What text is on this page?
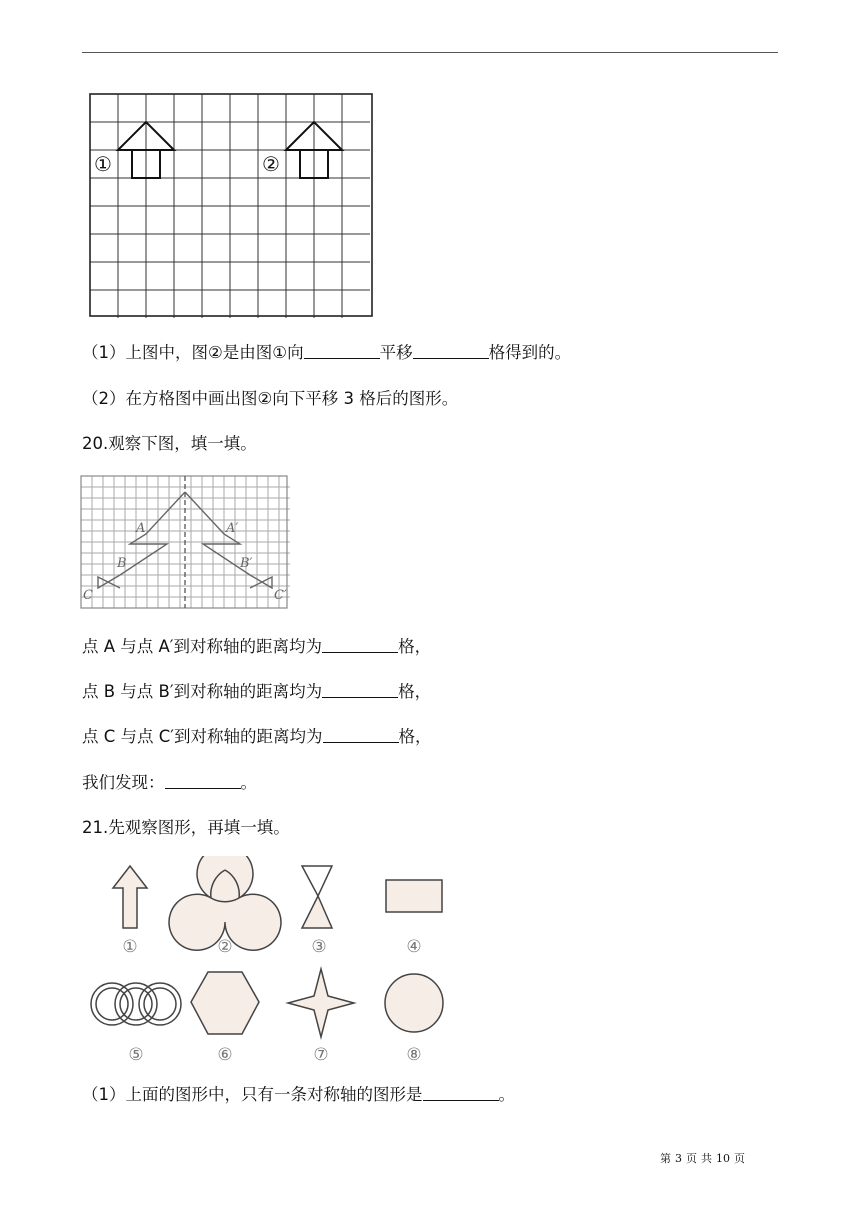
①	②
（1）上图中，图②是由图①向	平移	格得到的。
（2）在方格图中画出图②向下平移 3 格后的图形。
20.观察下图，填一填。
A	A′
B	B′
C	C′
点 A 与点 A′到对称轴的距离均为	格，
点 B 与点 B′到对称轴的距离均为	格，
点 C 与点 C′到对称轴的距离均为	格，
我们发现：	。
21.先观察图形，再填一填。
①	②	③	④
⑤	⑥	⑦	⑧
（1）上面的图形中，只有一条对称轴的图形是	。
第 3 页 共 10 页
